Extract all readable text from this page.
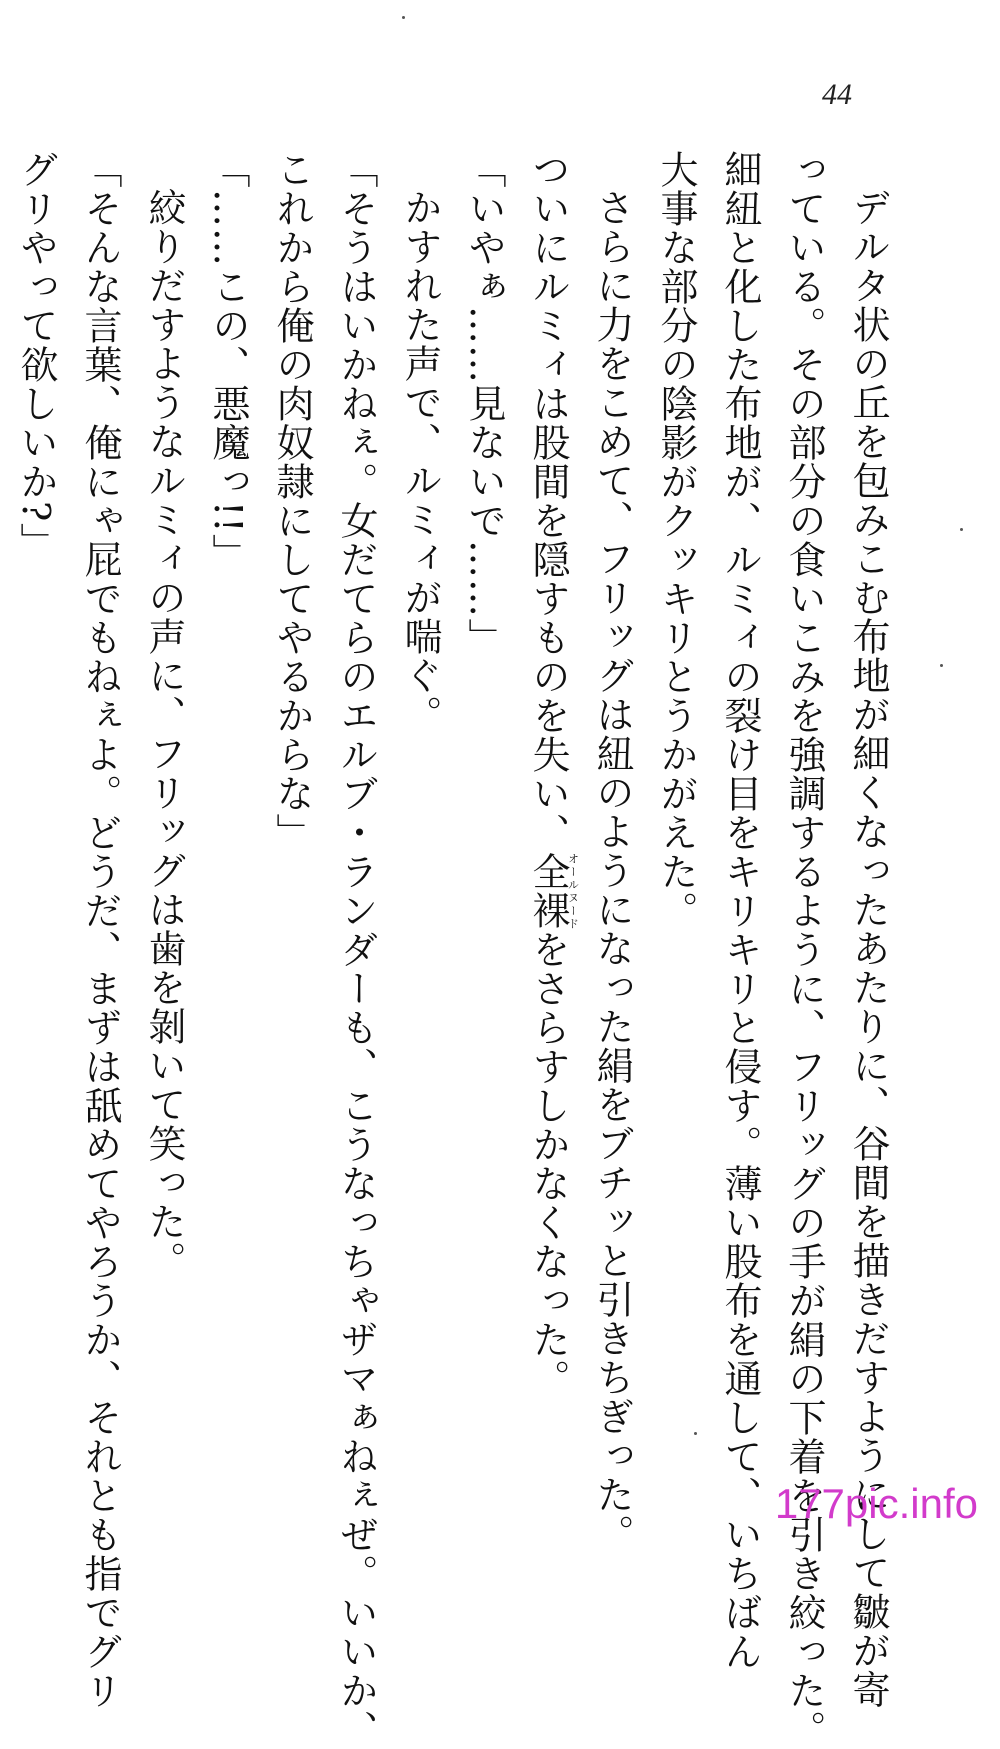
44
デルタ状の丘を包みこむ布地が細くなったあたりに、谷間を描きだすようにして皺が寄
っている。その部分の食いこみを強調するように、フリッグの手が絹の下着を引き絞った。
細紐と化した布地が、ルミィの裂け目をキリキリと侵す。薄い股布を通して、いちばん
大事な部分の陰影がクッキリとうかがえた。
さらに力をこめて、フリッグは紐のようになった絹をブチッと引きちぎった。
ついにルミィは股間を隠すものを失い、全裸オールヌードをさらすしかなくなった。
「いやぁ……見ないで……」
かすれた声で、ルミィが喘ぐ。
「そうはいかねぇ。女だてらのエルブ・ランダーも、こうなっちゃザマぁねぇぜ。いいか、
これから俺の肉奴隷にしてやるからな」
「……この、悪魔っ!!」
絞りだすようなルミィの声に、フリッグは歯を剝いて笑った。
「そんな言葉、俺にゃ屁でもねぇよ。どうだ、まずは舐めてやろうか、それとも指でグリ
グリやって欲しいか?」
177pic.info
